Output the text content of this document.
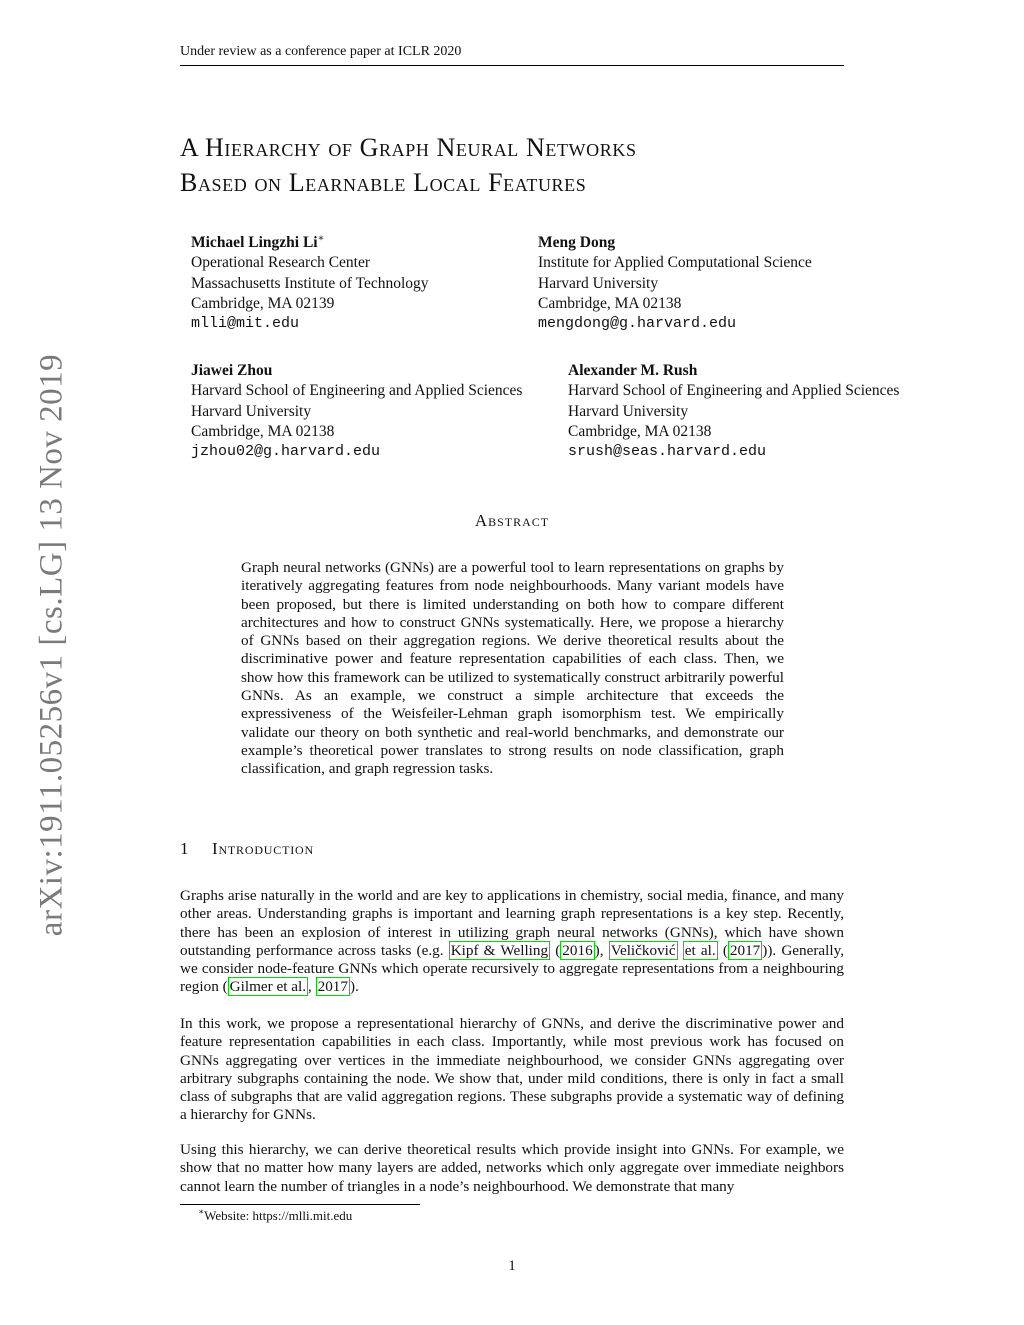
Under review as a conference paper at ICLR 2020
arXiv:1911.05256v1 [cs.LG] 13 Nov 2019
A Hierarchy of Graph Neural Networks
Based on Learnable Local Features
Michael Lingzhi Li∗
Operational Research Center
Massachusetts Institute of Technology
Cambridge, MA 02139
mlli@mit.edu
Meng Dong
Institute for Applied Computational Science
Harvard University
Cambridge, MA 02138
mengdong@g.harvard.edu
Jiawei Zhou
Harvard School of Engineering and Applied Sciences
Harvard University
Cambridge, MA 02138
jzhou02@g.harvard.edu
Alexander M. Rush
Harvard School of Engineering and Applied Sciences
Harvard University
Cambridge, MA 02138
srush@seas.harvard.edu
Abstract
Graph neural networks (GNNs) are a powerful tool to learn representations on graphs by iteratively aggregating features from node neighbourhoods. Many variant models have been proposed, but there is limited understanding on both how to compare different architectures and how to construct GNNs systematically. Here, we propose a hierarchy of GNNs based on their aggregation regions. We derive theoretical results about the discriminative power and feature representation capabilities of each class. Then, we show how this framework can be utilized to systematically construct arbitrarily powerful GNNs. As an example, we construct a simple architecture that exceeds the expressiveness of the Weisfeiler-Lehman graph isomorphism test. We empirically validate our theory on both synthetic and real-world benchmarks, and demonstrate our example’s theoretical power translates to strong results on node classification, graph classification, and graph regression tasks.
1 Introduction

Graphs arise naturally in the world and are key to applications in chemistry, social media, finance, and many other areas. Understanding graphs is important and learning graph representations is a key step. Recently, there has been an explosion of interest in utilizing graph neural networks (GNNs), which have shown outstanding performance across tasks (e.g. Kipf & Welling ( 2016 ), Veličković et al. ( 2017 )). Generally, we consider node-feature GNNs which operate recursively to aggregate representations from a neighbouring region ( Gilmer et al. , 2017 ).

In this work, we propose a representational hierarchy of GNNs, and derive the discriminative power and feature representation capabilities in each class. Importantly, while most previous work has focused on GNNs aggregating over vertices in the immediate neighbourhood, we consider GNNs aggregating over arbitrary subgraphs containing the node. We show that, under mild conditions, there is only in fact a small class of subgraphs that are valid aggregation regions. These subgraphs provide a systematic way of defining a hierarchy for GNNs.
Using this hierarchy, we can derive theoretical results which provide insight into GNNs. For example, we show that no matter how many layers are added, networks which only aggregate over immediate neighbors cannot learn the number of triangles in a node’s neighbourhood. We demonstrate that many
∗Website: https://mlli.mit.edu
1
